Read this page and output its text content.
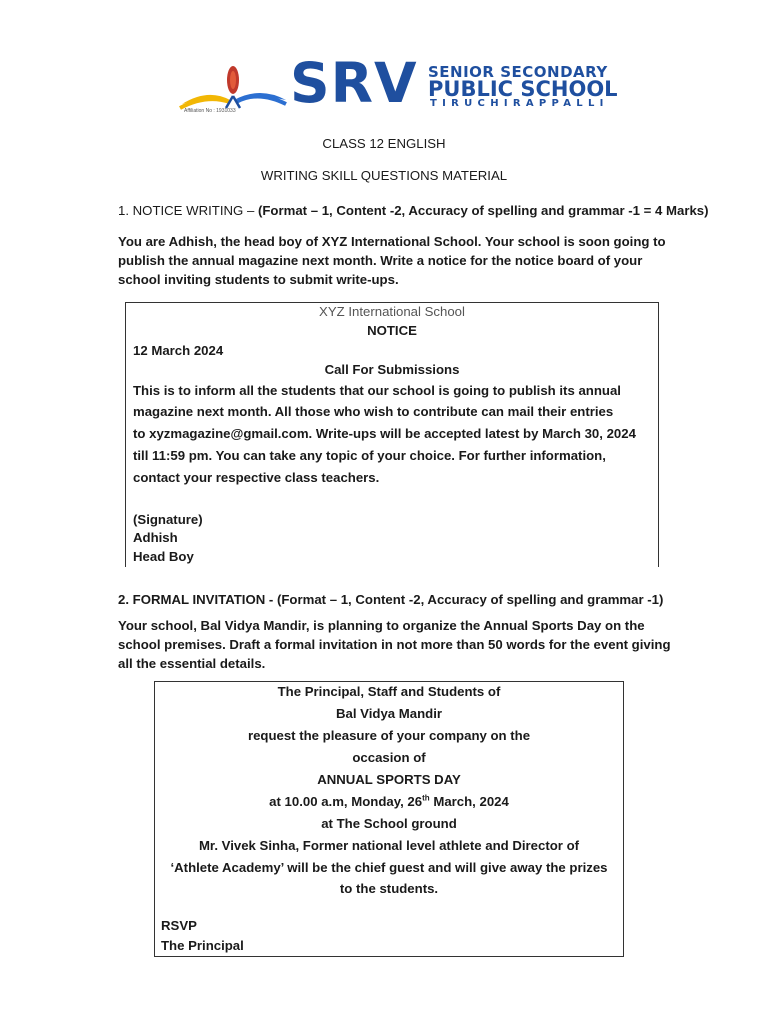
Affiliation No : 1931033 SRV SENIOR SECONDARY
PUBLIC SCHOOL
TIRUCHIRAPPALLI
CLASS 12 ENGLISH
WRITING SKILL QUESTIONS MATERIAL
1. NOTICE WRITING – (Format – 1, Content -2, Accuracy of spelling and grammar -1 = 4 Marks)
You are Adhish, the head boy of XYZ International School. Your school is soon going to publish the annual magazine next month. Write a notice for the notice board of your school inviting students to submit write-ups.
XYZ International School
NOTICE
12 March 2024
Call For Submissions
This is to inform all the students that our school is going to publish its annual
magazine next month. All those who wish to contribute can mail their entries
to xyzmagazine@gmail.com. Write-ups will be accepted latest by March 30, 2024
till 11:59 pm. You can take any topic of your choice. For further information,
contact your respective class teachers.
(Signature)
Adhish
Head Boy
2. FORMAL INVITATION - (Format – 1, Content -2, Accuracy of spelling and grammar -1)
Your school, Bal Vidya Mandir, is planning to organize the Annual Sports Day on the school premises. Draft a formal invitation in not more than 50 words for the event giving all the essential details.
The Principal, Staff and Students of
Bal Vidya Mandir
request the pleasure of your company on the
occasion of
ANNUAL SPORTS DAY
at 10.00 a.m, Monday, 26th March, 2024
at The School ground
Mr. Vivek Sinha, Former national level athlete and Director of
‘Athlete Academy’ will be the chief guest and will give away the prizes
to the students.
RSVP
The Principal
